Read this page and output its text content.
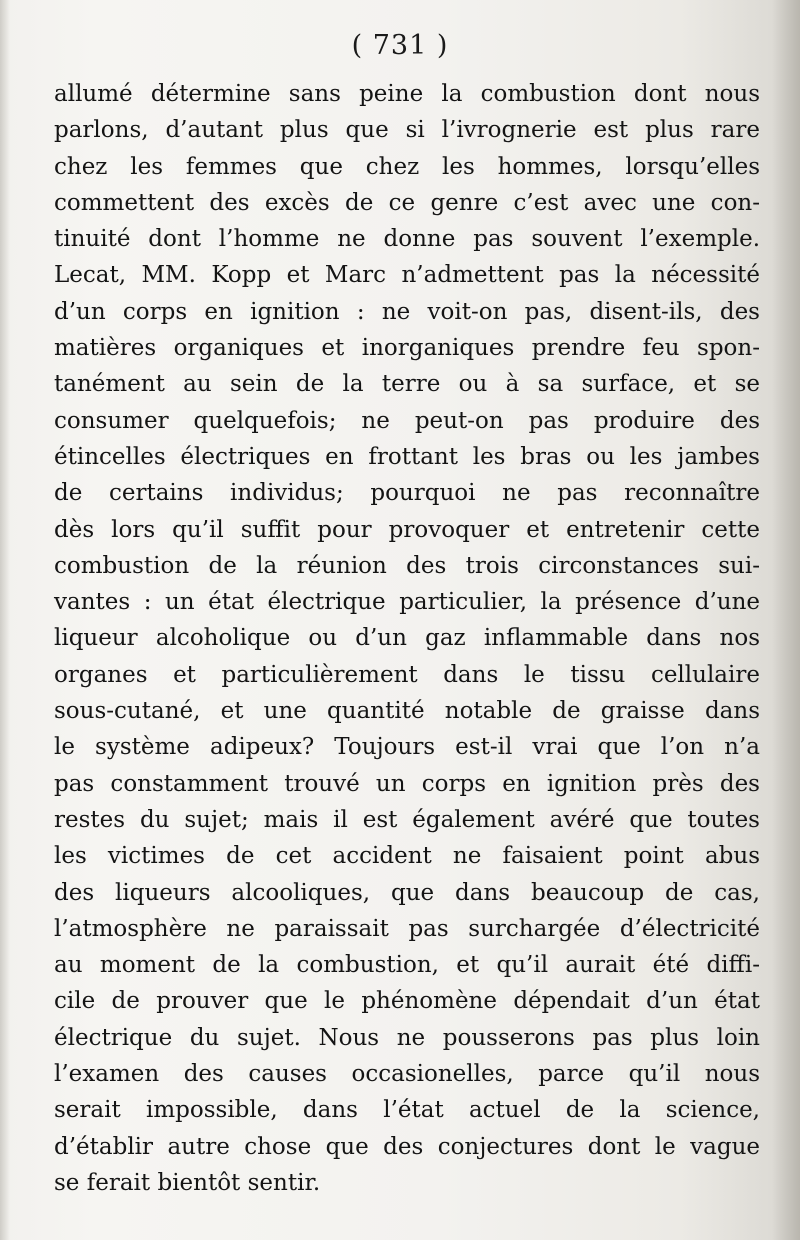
( 731 )
allumé détermine sans peine la combustion dont nous
parlons, d’autant plus que si l’ivrognerie est plus rare
chez les femmes que chez les hommes, lorsqu’elles
commettent des excès de ce genre c’est avec une con-
tinuité dont l’homme ne donne pas souvent l’exemple.
Lecat, MM. Kopp et Marc n’admettent pas la nécessité
d’un corps en ignition : ne voit-on pas, disent-ils, des
matières organiques et inorganiques prendre feu spon-
tanément au sein de la terre ou à sa surface, et se
consumer quelquefois; ne peut-on pas produire des
étincelles électriques en frottant les bras ou les jambes
de certains individus; pourquoi ne pas reconnaître
dès lors qu’il suffit pour provoquer et entretenir cette
combustion de la réunion des trois circonstances sui-
vantes : un état électrique particulier, la présence d’une
liqueur alcoholique ou d’un gaz inflammable dans nos
organes et particulièrement dans le tissu cellulaire
sous-cutané, et une quantité notable de graisse dans
le système adipeux? Toujours est-il vrai que l’on n’a
pas constamment trouvé un corps en ignition près des
restes du sujet; mais il est également avéré que toutes
les victimes de cet accident ne faisaient point abus
des liqueurs alcooliques, que dans beaucoup de cas,
l’atmosphère ne paraissait pas surchargée d’électricité
au moment de la combustion, et qu’il aurait été diffi-
cile de prouver que le phénomène dépendait d’un état
électrique du sujet. Nous ne pousserons pas plus loin
l’examen des causes occasionelles, parce qu’il nous
serait impossible, dans l’état actuel de la science,
d’établir autre chose que des conjectures dont le vague
se ferait bientôt sentir.
